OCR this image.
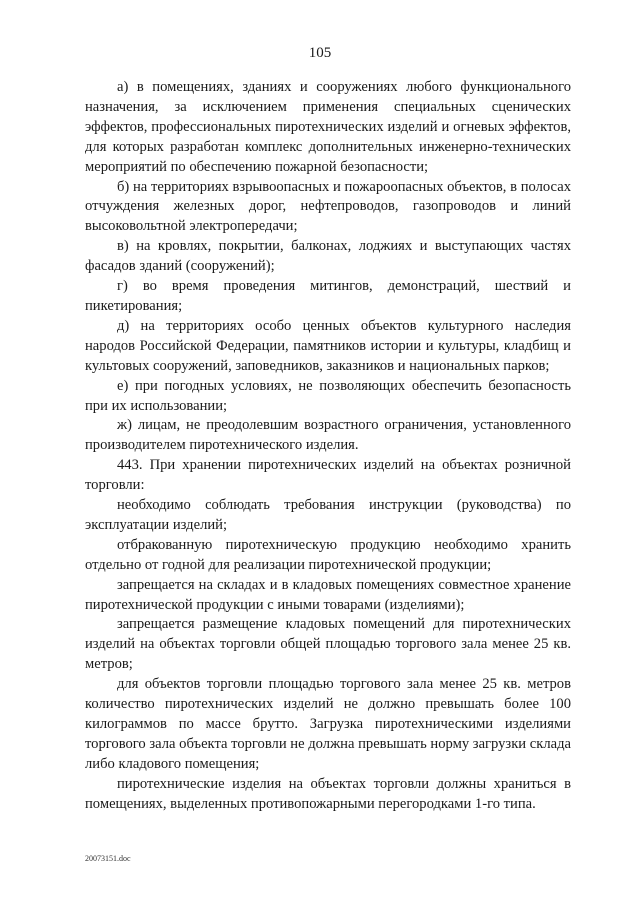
105

а) в помещениях, зданиях и сооружениях любого функционального назначения, за исключением применения специальных сценических эффектов, профессиональных пиротехнических изделий и огневых эффектов, для которых разработан комплекс дополнительных инженерно-технических мероприятий по обеспечению пожарной безопасности;

б) на территориях взрывоопасных и пожароопасных объектов, в полосах отчуждения железных дорог, нефтепроводов, газопроводов и линий высоковольтной электропередачи;

в) на кровлях, покрытии, балконах, лоджиях и выступающих частях фасадов зданий (сооружений);

г) во время проведения митингов, демонстраций, шествий и пикетирования;

д) на территориях особо ценных объектов культурного наследия народов Российской Федерации, памятников истории и культуры, кладбищ и культовых сооружений, заповедников, заказников и национальных парков;

е) при погодных условиях, не позволяющих обеспечить безопасность при их использовании;

ж) лицам, не преодолевшим возрастного ограничения, установленного производителем пиротехнического изделия.

443. При хранении пиротехнических изделий на объектах розничной торговли:

необходимо соблюдать требования инструкции (руководства) по эксплуатации изделий;

отбракованную пиротехническую продукцию необходимо хранить отдельно от годной для реализации пиротехнической продукции;

запрещается на складах и в кладовых помещениях совместное хранение пиротехнической продукции с иными товарами (изделиями);

запрещается размещение кладовых помещений для пиротехнических изделий на объектах торговли общей площадью торгового зала менее 25 кв. метров;

для объектов торговли площадью торгового зала менее 25 кв. метров количество пиротехнических изделий не должно превышать более 100 килограммов по массе брутто. Загрузка пиротехническими изделиями торгового зала объекта торговли не должна превышать норму загрузки склада либо кладового помещения;

пиротехнические изделия на объектах торговли должны храниться в помещениях, выделенных противопожарными перегородками 1-го типа.

20073151.doc
